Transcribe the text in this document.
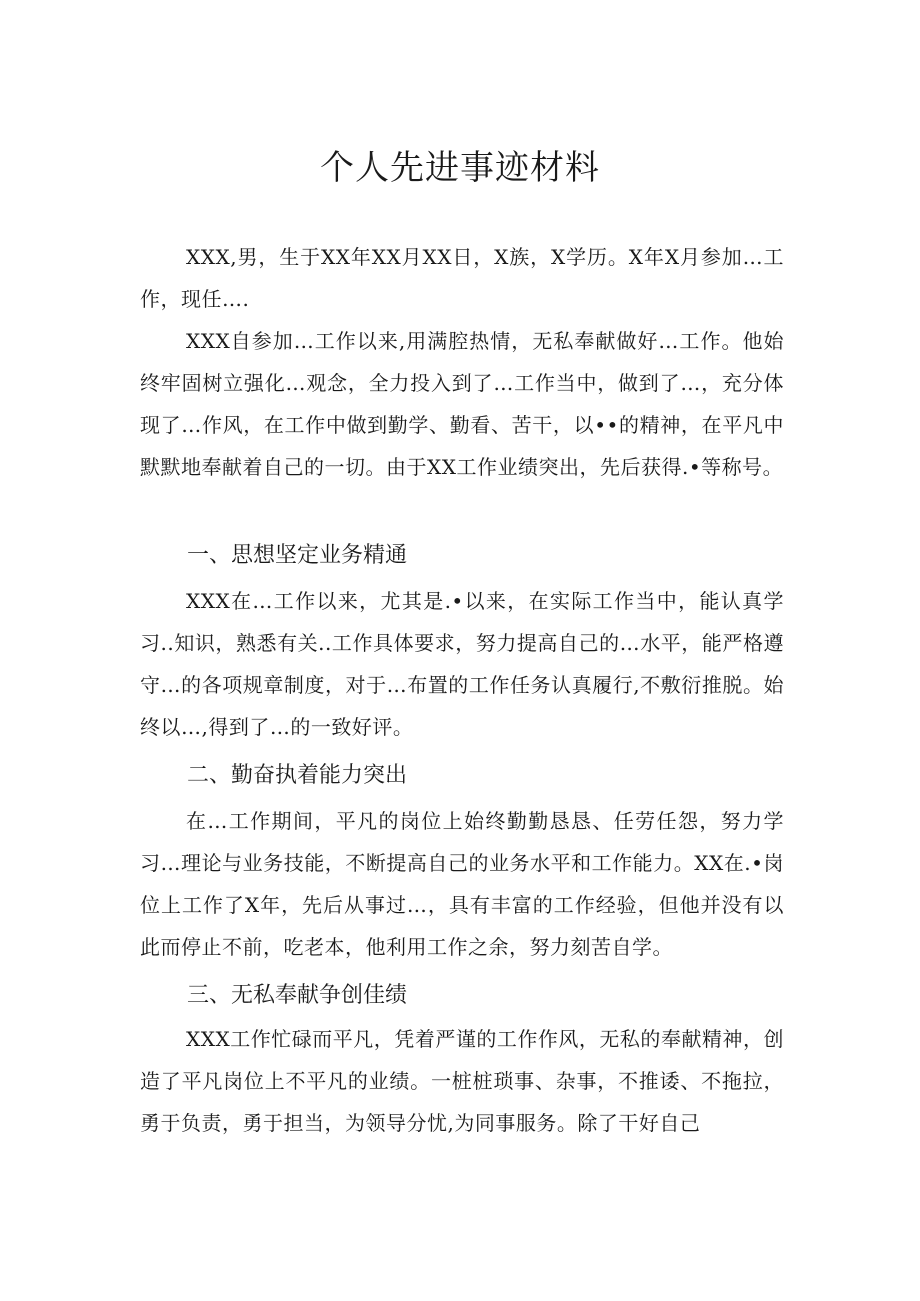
个人先进事迹材料

XXX,男，生于XX年XX月XX日，X族，X学历。X年X月参加…工作，现任….

XXX自参加…工作以来,用满腔热情，无私奉献做好…工作。他始终牢固树立强化…观念，全力投入到了…工作当中，做到了…，充分体现了…作风，在工作中做到勤学、勤看、苦干，以••的精神，在平凡中默默地奉献着自己的一切。由于XX工作业绩突出，先后获得.•等称号。

一、思想坚定业务精通

XXX在…工作以来，尤其是.•以来，在实际工作当中，能认真学习..知识，熟悉有关..工作具体要求，努力提高自己的…水平，能严格遵守…的各项规章制度，对于…布置的工作任务认真履行,不敷衍推脱。始终以…,得到了…的一致好评。

二、勤奋执着能力突出

在…工作期间，平凡的岗位上始终勤勤恳恳、任劳任怨，努力学习…理论与业务技能，不断提高自己的业务水平和工作能力。XX在.•岗位上工作了X年，先后从事过…，具有丰富的工作经验，但他并没有以此而停止不前，吃老本，他利用工作之余，努力刻苦自学。

三、无私奉献争创佳绩

XXX工作忙碌而平凡，凭着严谨的工作作风，无私的奉献精神，创造了平凡岗位上不平凡的业绩。一桩桩琐事、杂事，不推诿、不拖拉，勇于负责，勇于担当，为领导分忧,为同事服务。除了干好自己
